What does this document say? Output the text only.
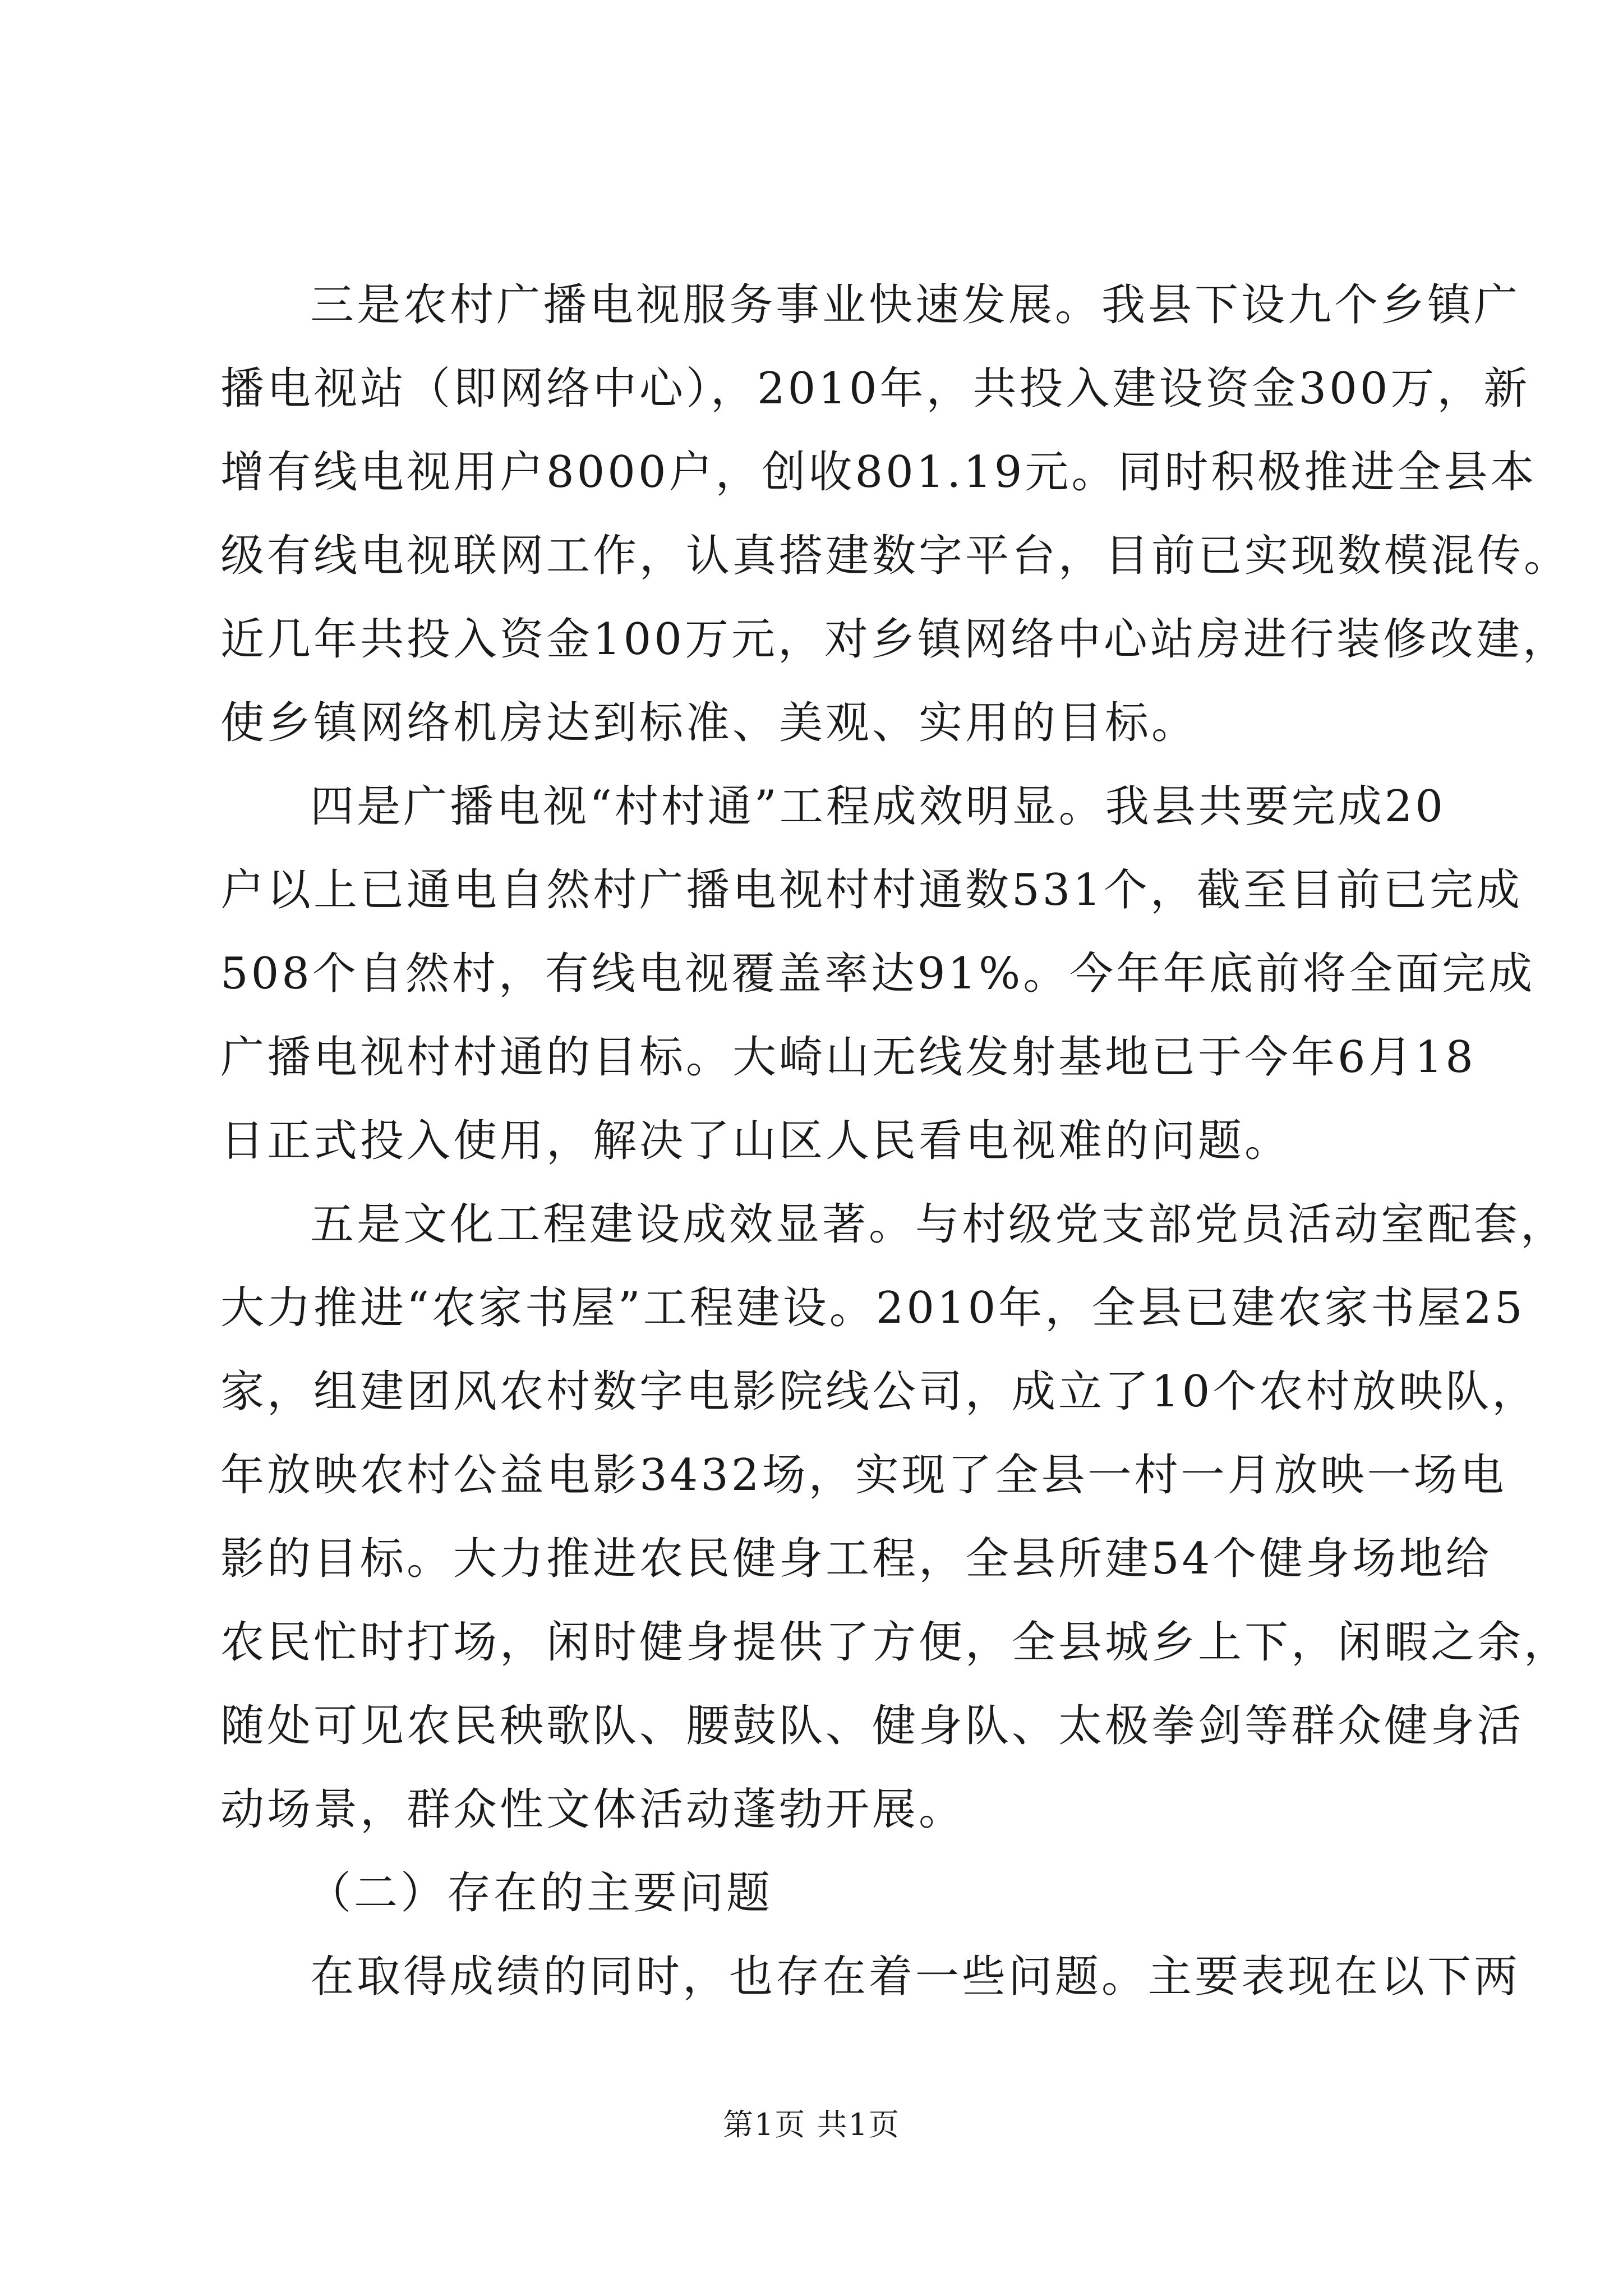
三是农村广播电视服务事业快速发展。我县下设九个乡镇广
播电视站（即网络中心），2010年，共投入建设资金300万，新
增有线电视用户8000户，创收801.19元。同时积极推进全县本
级有线电视联网工作，认真搭建数字平台，目前已实现数模混传。
近几年共投入资金100万元，对乡镇网络中心站房进行装修改建，
使乡镇网络机房达到标准、美观、实用的目标。
四是广播电视“村村通”工程成效明显。我县共要完成20
户以上已通电自然村广播电视村村通数531个，截至目前已完成
508个自然村，有线电视覆盖率达91%。今年年底前将全面完成
广播电视村村通的目标。大崎山无线发射基地已于今年6月18
日正式投入使用，解决了山区人民看电视难的问题。
五是文化工程建设成效显著。与村级党支部党员活动室配套，
大力推进“农家书屋”工程建设。2010年，全县已建农家书屋25
家，组建团风农村数字电影院线公司，成立了10个农村放映队，
年放映农村公益电影3432场，实现了全县一村一月放映一场电
影的目标。大力推进农民健身工程，全县所建54个健身场地给
农民忙时打场，闲时健身提供了方便，全县城乡上下，闲暇之余，
随处可见农民秧歌队、腰鼓队、健身队、太极拳剑等群众健身活
动场景，群众性文体活动蓬勃开展。
（二）存在的主要问题
在取得成绩的同时，也存在着一些问题。主要表现在以下两
第1页 共1页
